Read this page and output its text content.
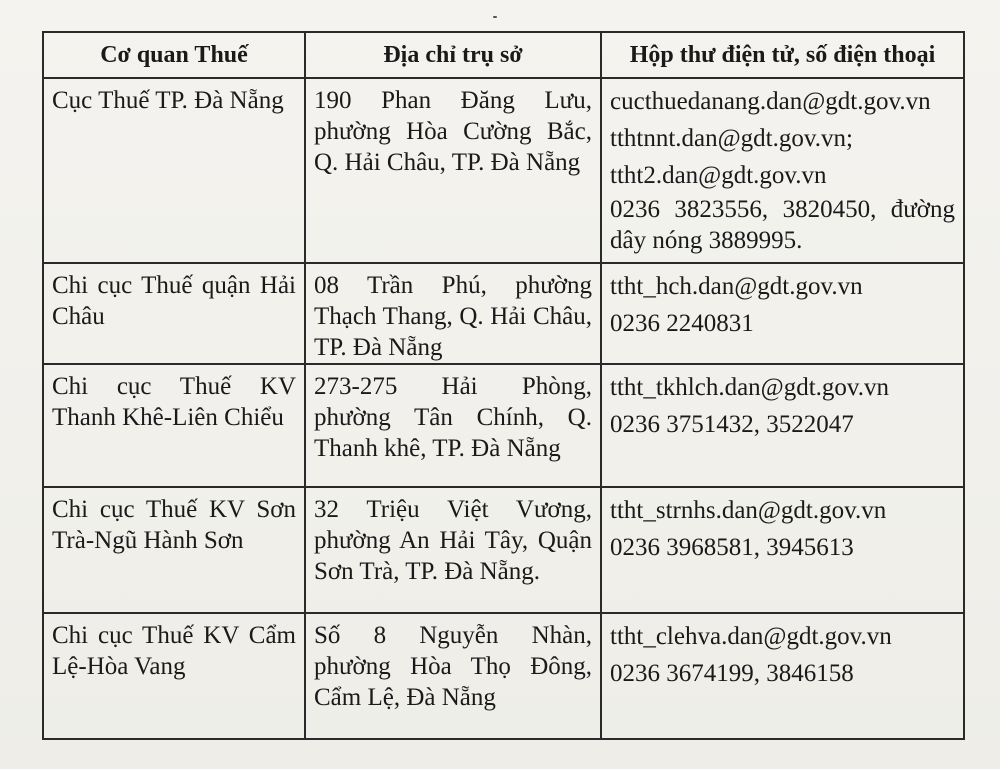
Cơ quan Thuế	Địa chỉ trụ sở	Hộp thư điện tử, số điện thoại

Cục Thuế TP. Đà Nẵng	190 Phan Đăng Lưu, phường Hòa Cường Bắc, Q. Hải Châu, TP. Đà Nẵng	cucthuedanang.dan@gdt.gov.vn
tthtnnt.dan@gdt.gov.vn;
ttht2.dan@gdt.gov.vn
0236 3823556, 3820450, đường dây nóng 3889995.

Chi cục Thuế quận Hải Châu	08 Trần Phú, phường Thạch Thang, Q. Hải Châu, TP. Đà Nẵng	ttht_hch.dan@gdt.gov.vn
0236 2240831

Chi cục Thuế KV Thanh Khê-Liên Chiểu	273-275 Hải Phòng, phường Tân Chính, Q. Thanh khê, TP. Đà Nẵng	ttht_tkhlch.dan@gdt.gov.vn
0236 3751432, 3522047

Chi cục Thuế KV Sơn Trà-Ngũ Hành Sơn	32 Triệu Việt Vương, phường An Hải Tây, Quận Sơn Trà, TP. Đà Nẵng.	ttht_strnhs.dan@gdt.gov.vn
0236 3968581, 3945613

Chi cục Thuế KV Cẩm Lệ-Hòa Vang	Số 8 Nguyễn Nhàn, phường Hòa Thọ Đông, Cẩm Lệ, Đà Nẵng	ttht_clehva.dan@gdt.gov.vn
0236 3674199, 3846158
